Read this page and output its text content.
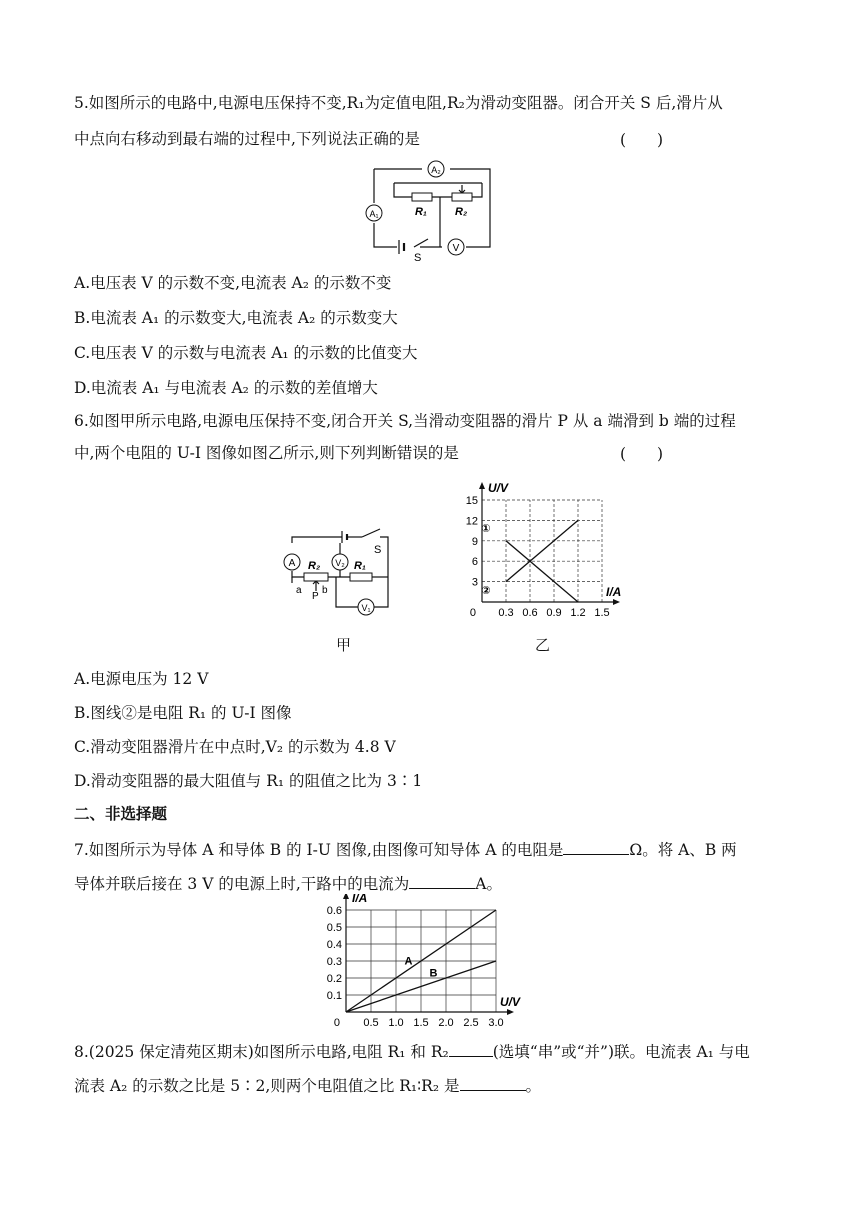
5.如图所示的电路中,电源电压保持不变,R₁为定值电阻,R₂为滑动变阻器。闭合开关 S 后,滑片从
中点向右移动到最右端的过程中,下列说法正确的是	(　　)
A₂
A₁
V
R₁	R₂
S
A.电压表 V 的示数不变,电流表 A₂ 的示数不变
B.电流表 A₁ 的示数变大,电流表 A₂ 的示数变大
C.电压表 V 的示数与电流表 A₁ 的示数的比值变大
D.电流表 A₁ 与电流表 A₂ 的示数的差值增大
6.如图甲所示电路,电源电压保持不变,闭合开关 S,当滑动变阻器的滑片 P 从 a 端滑到 b 端的过程
中,两个电阻的 U-I 图像如图乙所示,则下列判断错误的是	(　　)
A	V₂
V₁
R₂	R₁
S
a
P
b
0.3 0.6 0.9 1.2 1.5
3
6
9
12
15
0
U/V
I/A
①
②
甲	乙
A.电源电压为 12 V
B.图线②是电阻 R₁ 的 U-I 图像
C.滑动变阻器滑片在中点时,V₂ 的示数为 4.8 V
D.滑动变阻器的最大阻值与 R₁ 的阻值之比为 3∶1
二、非选择题
7.如图所示为导体 A 和导体 B 的 I-U 图像,由图像可知导体 A 的电阻是	Ω。将 A、B 两
导体并联后接在 3 V 的电源上时,干路中的电流为	A。
0.5 1.0 1.5 2.0 2.5 3.0
0.1
0.2
0.3
0.4
0.5
0.6
0
I/A
U/V
A
B
8.(2025 保定清苑区期末)如图所示电路,电阻 R₁ 和 R₂	(选填“串”或“并”)联。电流表 A₁ 与电
流表 A₂ 的示数之比是 5∶2,则两个电阻值之比 R₁∶R₂ 是	。
